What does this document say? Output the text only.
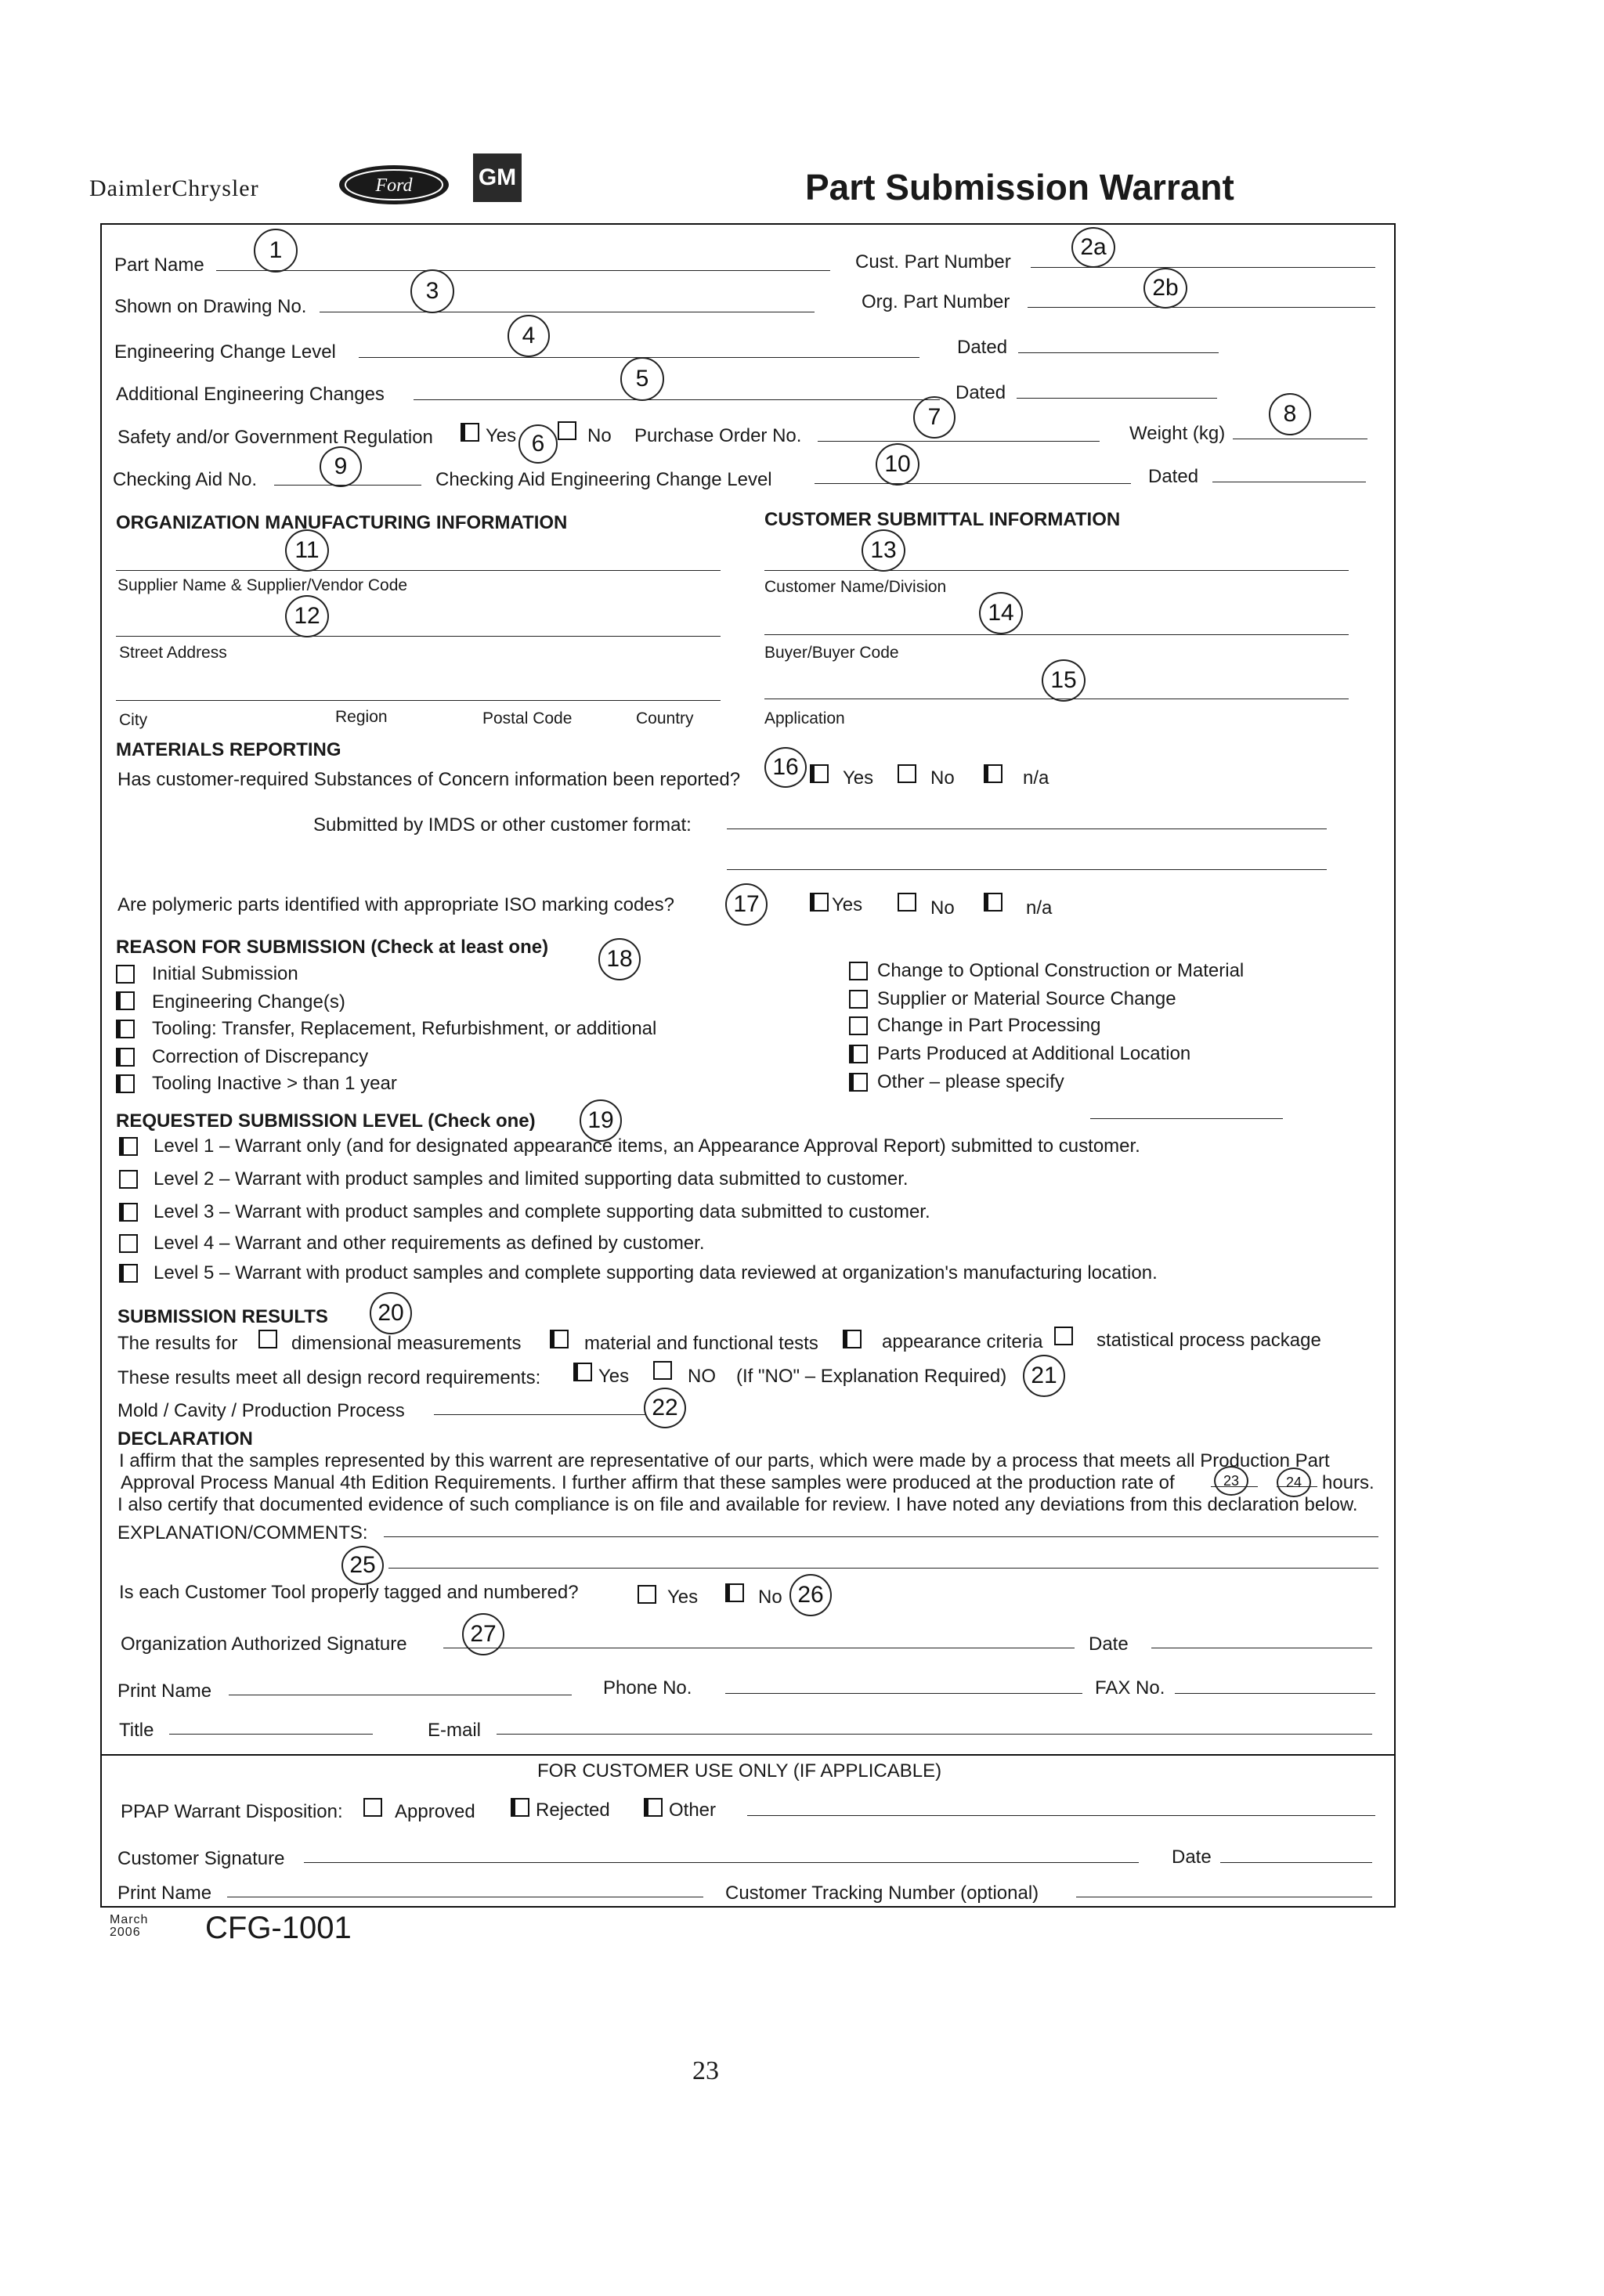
DaimlerChrysler	Ford	GM	Part Submission Warrant
Part Name	Cust. Part Number
Shown on Drawing No.	Org. Part Number
Engineering Change Level	Dated
Additional Engineering Changes	Dated
Safety and/or Government Regulation	Yes	No Purchase Order No.	Weight (kg)
Checking Aid No.	Checking Aid Engineering Change Level	Dated
ORGANIZATION MANUFACTURING INFORMATION	CUSTOMER SUBMITTAL INFORMATION
Supplier Name & Supplier/Vendor Code	Customer Name/Division
Street Address	Buyer/Buyer Code
City	Region	Postal Code	Country	Application
MATERIALS REPORTING
Has customer-required Substances of Concern information been reported?	Yes	No	n/a
Submitted by IMDS or other customer format:
Are polymeric parts identified with appropriate ISO marking codes?	Yes	No	n/a
REASON FOR SUBMISSION (Check at least one)
Initial Submission
Engineering Change(s)
Tooling: Transfer, Replacement, Refurbishment, or additional
Correction of Discrepancy
Tooling Inactive > than 1 year
Change to Optional Construction or Material
Supplier or Material Source Change
Change in Part Processing
Parts Produced at Additional Location
Other – please specify
REQUESTED SUBMISSION LEVEL (Check one)
Level 1 – Warrant only (and for designated appearance items, an Appearance Approval Report) submitted to customer.
Level 2 – Warrant with product samples and limited supporting data submitted to customer.
Level 3 – Warrant with product samples and complete supporting data submitted to customer.
Level 4 – Warrant and other requirements as defined by customer.
Level 5 – Warrant with product samples and complete supporting data reviewed at organization's manufacturing location.
SUBMISSION RESULTS
The results for	dimensional measurements	material and functional tests	appearance criteria	statistical process package
These results meet all design record requirements:	Yes	NO (If "NO" – Explanation Required)
Mold / Cavity / Production Process
DECLARATION
I affirm that the samples represented by this warrent are representative of our parts, which were made by a process that meets all Production Part
Approval Process Manual 4th Edition Requirements. I further affirm that these samples were produced at the production rate of	hours.
I also certify that documented evidence of such compliance is on file and available for review. I have noted any deviations from this declaration below.
EXPLANATION/COMMENTS:
Is each Customer Tool properly tagged and numbered?	Yes	No
Organization Authorized Signature	Date
Print Name	Phone No.	FAX No.
Title	E-mail
FOR CUSTOMER USE ONLY (IF APPLICABLE)
PPAP Warrant Disposition:	Approved	Rejected	Other
Customer Signature	Date
Print Name	Customer Tracking Number (optional)
March
2006 CFG-1001
23
1	2a
3	2b
4
5
6
7	8
9	10
11	13
12	14
15
16
17
18
19
20
21
22
23	24
25
26
27
